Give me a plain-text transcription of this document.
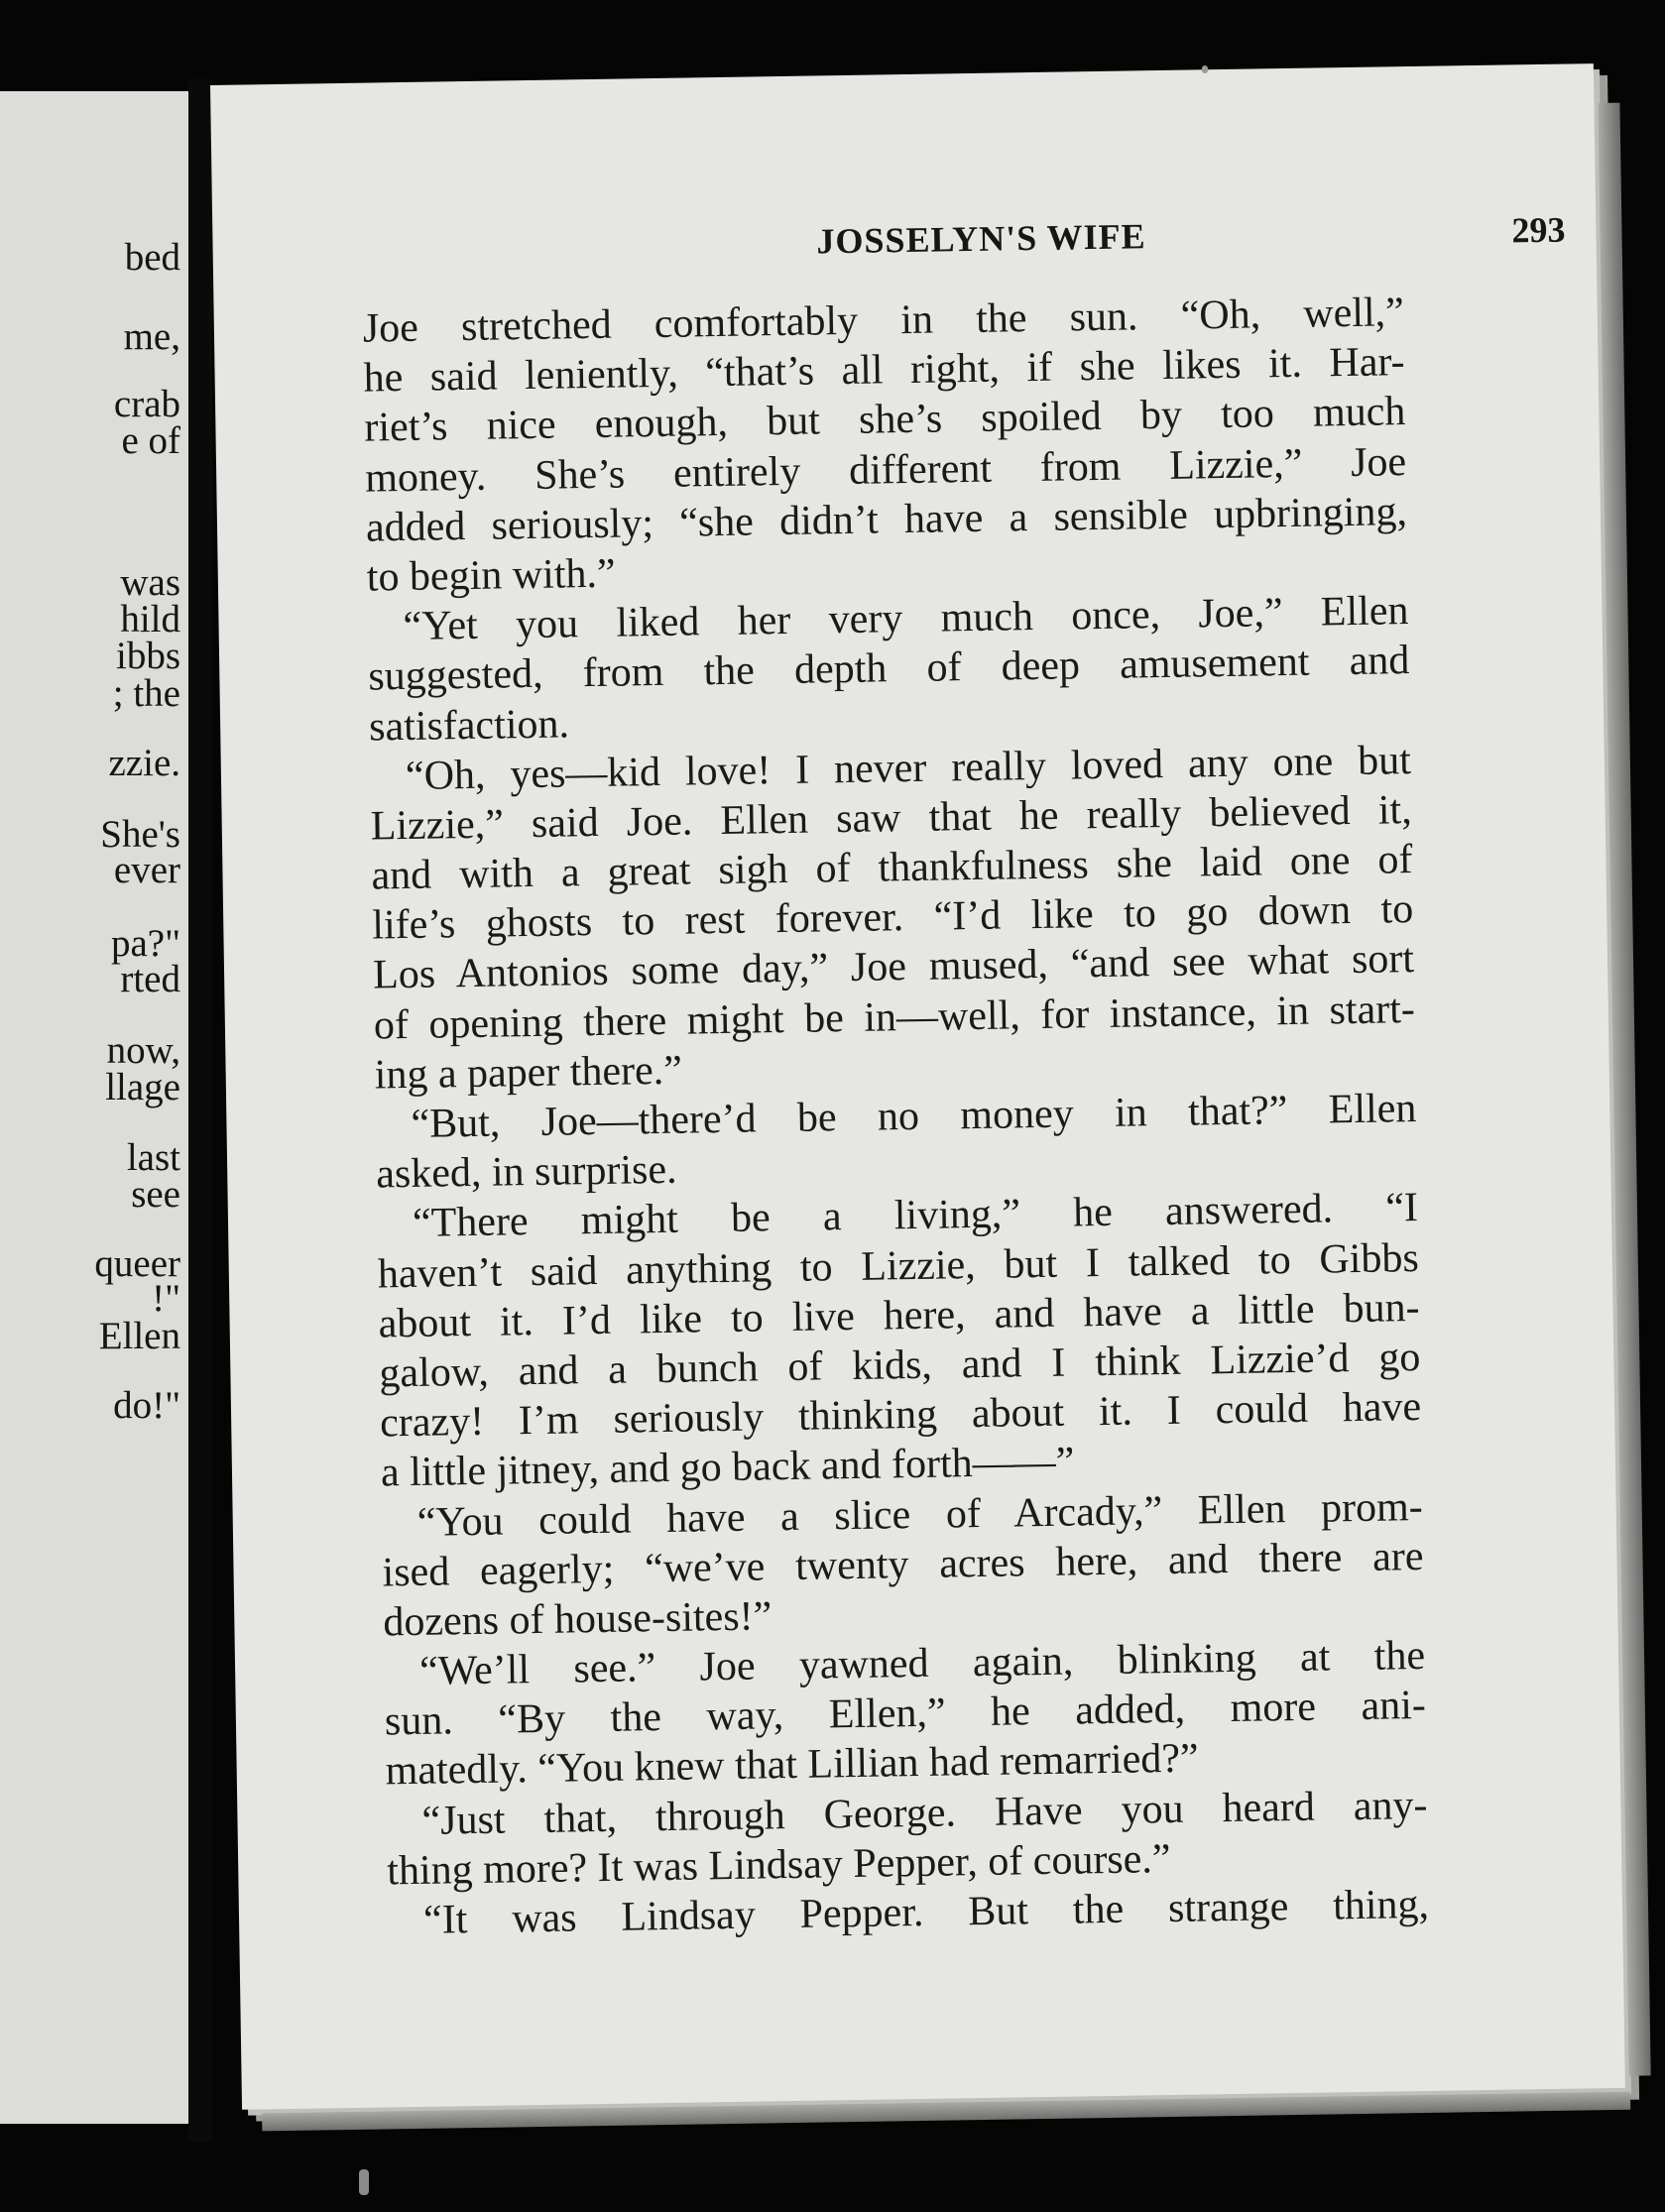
bed
me,
crab
e of
was
hild
ibbs
; the
zzie.
She's
ever
pa?"
rted
now,
llage
last
see
queer
!"
Ellen
do!"
JOSSELYN'S WIFE	293
Joe stretched comfortably in the sun. “Oh, well,”
he said leniently, “that’s all right, if she likes it. Har-
riet’s nice enough, but she’s spoiled by too much
money. She’s entirely different from Lizzie,” Joe
added seriously; “she didn’t have a sensible upbringing,
to begin with.”
“Yet you liked her very much once, Joe,” Ellen
suggested, from the depth of deep amusement and
satisfaction.
“Oh, yes—kid love! I never really loved any one but
Lizzie,” said Joe. Ellen saw that he really believed it,
and with a great sigh of thankfulness she laid one of
life’s ghosts to rest forever. “I’d like to go down to
Los Antonios some day,” Joe mused, “and see what sort
of opening there might be in—well, for instance, in start-
ing a paper there.”
“But, Joe—there’d be no money in that?” Ellen
asked, in surprise.
“There might be a living,” he answered. “I
haven’t said anything to Lizzie, but I talked to Gibbs
about it. I’d like to live here, and have a little bun-
galow, and a bunch of kids, and I think Lizzie’d go
crazy! I’m seriously thinking about it. I could have
a little jitney, and go back and forth——”
“You could have a slice of Arcady,” Ellen prom-
ised eagerly; “we’ve twenty acres here, and there are
dozens of house-sites!”
“We’ll see.” Joe yawned again, blinking at the
sun. “By the way, Ellen,” he added, more ani-
matedly. “You knew that Lillian had remarried?”
“Just that, through George. Have you heard any-
thing more? It was Lindsay Pepper, of course.”
“It was Lindsay Pepper. But the strange thing,
